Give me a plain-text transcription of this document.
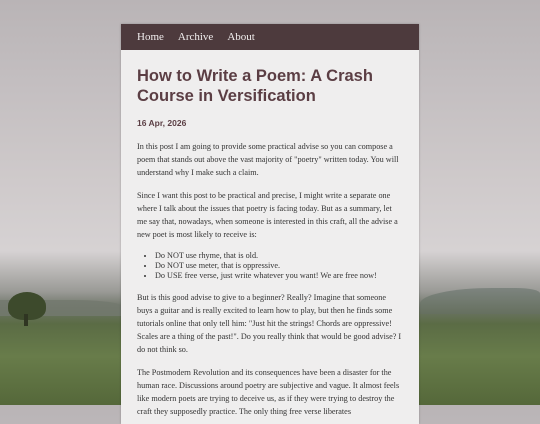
Home Archive About
How to Write a Poem: A Crash Course in Versification
16 Apr, 2026

In this post I am going to provide some practical advise so you can compose a poem that stands out above the vast majority of "poetry" written today. You will understand why I make such a claim.

Since I want this post to be practical and precise, I might write a separate one where I talk about the issues that poetry is facing today. But as a summary, let me say that, nowadays, when someone is interested in this craft, all the advise a new poet is most likely to receive is:

• Do NOT use rhyme, that is old.
• Do NOT use meter, that is oppressive.
• Do USE free verse, just write whatever you want! We are free now!

But is this good advise to give to a beginner? Really? Imagine that someone buys a guitar and is really excited to learn how to play, but then he finds some tutorials online that only tell him: "Just hit the strings! Chords are oppressive! Scales are a thing of the past!". Do you really think that would be good advise? I do not think so.

The Postmodern Revolution and its consequences have been a disaster for the human race. Discussions around poetry are subjective and vague. It almost feels like modern poets are trying to deceive us, as if they were trying to destroy the craft they supposedly practice. The only thing free verse liberates
